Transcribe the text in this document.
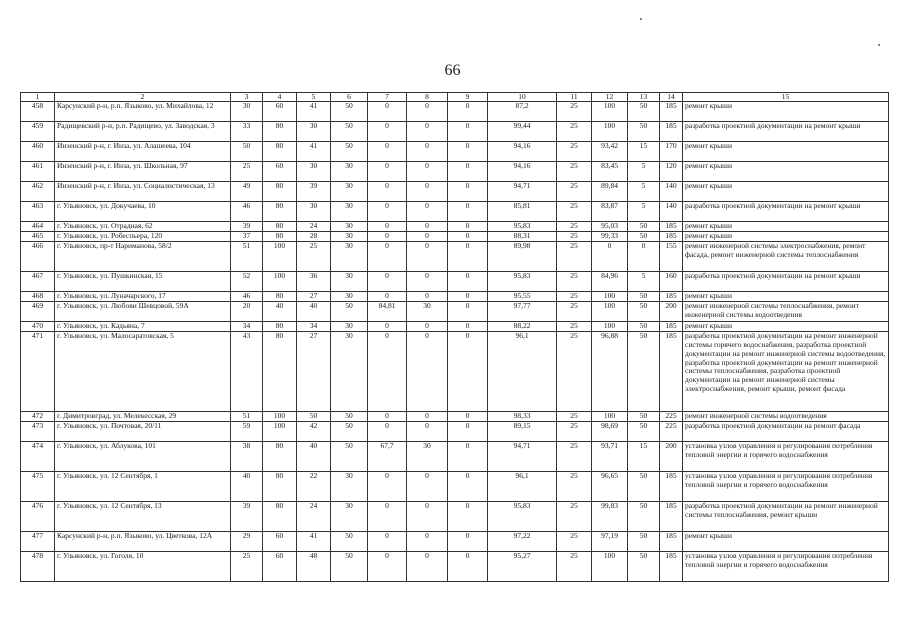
66
1	2	3	4	5	6	7	8	9	10	11	12	13	14	15
458	Карсунский р-н, р.п. Языково, ул. Михайлова, 12	30	60	41	50	0	0	0	87,2	25	100	50	185	ремонт крыши
459	Радищевский р-н, р.п. Радищево, ул. Заводская, 3	33	80	30	50	0	0	0	99,44	25	100	50	185	разработка проектной документации на ремонт крыши
460	Инзенский р-н, г. Инза, ул. Алашеева, 104	50	80	41	50	0	0	0	94,16	25	93,42	15	170	ремонт крыши
461	Инзенский р-н, г. Инза, ул. Школьная, 97	25	60	30	30	0	0	0	94,16	25	83,45	5	120	ремонт крыши
462	Инзенский р-н, г. Инза, ул. Социалистическая, 13	49	80	39	30	0	0	0	94,71	25	89,84	5	140	ремонт крыши
463	г. Ульяновск, ул. Докучаева, 10	46	80	30	30	0	0	0	85,81	25	83,87	5	140	разработка проектной документации на ремонт крыши
464	г. Ульяновск, ул. Отрадная, 62	39	80	24	30	0	0	0	95,83	25	95,03	50	185	ремонт крыши
465	г. Ульяновск, ул. Робеспьера, 120	37	80	28	30	0	0	0	88,31	25	99,33	50	185	ремонт крыши
466	г. Ульяновск, пр-т Нариманова, 58/2	51	100	25	30	0	0	0	89,98	25	0	0	155	ремонт инженерной системы электроснабжения, ремонт фасада, ремонт инженерной системы теплоснабжения
467	г. Ульяновск, ул. Пушкинская, 15	52	100	36	30	0	0	0	95,83	25	84,96	5	160	разработка проектной документации на ремонт крыши
468	г. Ульяновск, ул. Луначарского, 17	46	80	27	30	0	0	0	95,55	25	100	50	185	ремонт крыши
469	г. Ульяновск, ул. Любови Шевцовой, 59А	20	40	40	50	84,81	30	0	97,77	25	100	50	200	ремонт инженерной системы теплоснабжения, ремонт инженерной системы водоотведения
470	г. Ульяновск, ул. Кадьяна, 7	34	80	34	30	0	0	0	88,22	25	100	50	185	ремонт крыши
471	г. Ульяновск, ул. Малосаратовская, 5	43	80	27	30	0	0	0	96,1	25	96,88	50	185	разработка проектной документации на ремонт инженерной системы горячего водоснабжения, разработка проектной документации на ремонт инженерной системы водоотведения, разработка проектной документации на ремонт инженерной системы теплоснабжения, разработка проектной документации на ремонт инженерной системы электроснабжения, ремонт крыши, ремонт фасада
472	г. Димитровград, ул. Мелекесская, 29	51	100	50	50	0	0	0	98,33	25	100	50	225	ремонт инженерной системы водоотведения
473	г. Ульяновск, ул. Почтовая, 20/11	59	100	42	50	0	0	0	89,15	25	98,69	50	225	разработка проектной документации на ремонт фасада
474	г. Ульяновск, ул. Аблукова, 101	38	80	40	50	67,7	30	0	94,71	25	93,71	15	200	установка узлов управления и регулирования потребления тепловой энергии и горячего водоснабжения
475	г. Ульяновск, ул. 12 Сентября, 1	40	80	22	30	0	0	0	96,1	25	96,65	50	185	установка узлов управления и регулирования потребления тепловой энергии и горячего водоснабжения
476	г. Ульяновск, ул. 12 Сентября, 13	39	80	24	30	0	0	0	95,83	25	99,83	50	185	разработка проектной документации на ремонт инженерной системы теплоснабжения, ремонт крыши
477	Карсунский р-н, р.п. Языково, ул. Цветкова, 12А	29	60	41	50	0	0	0	97,22	25	97,19	50	185	ремонт крыши
478	г. Ульяновск, ул. Гоголя, 10	25	60	48	50	0	0	0	95,27	25	100	50	185	установка узлов управления и регулирования потребления тепловой энергии и горячего водоснабжения
